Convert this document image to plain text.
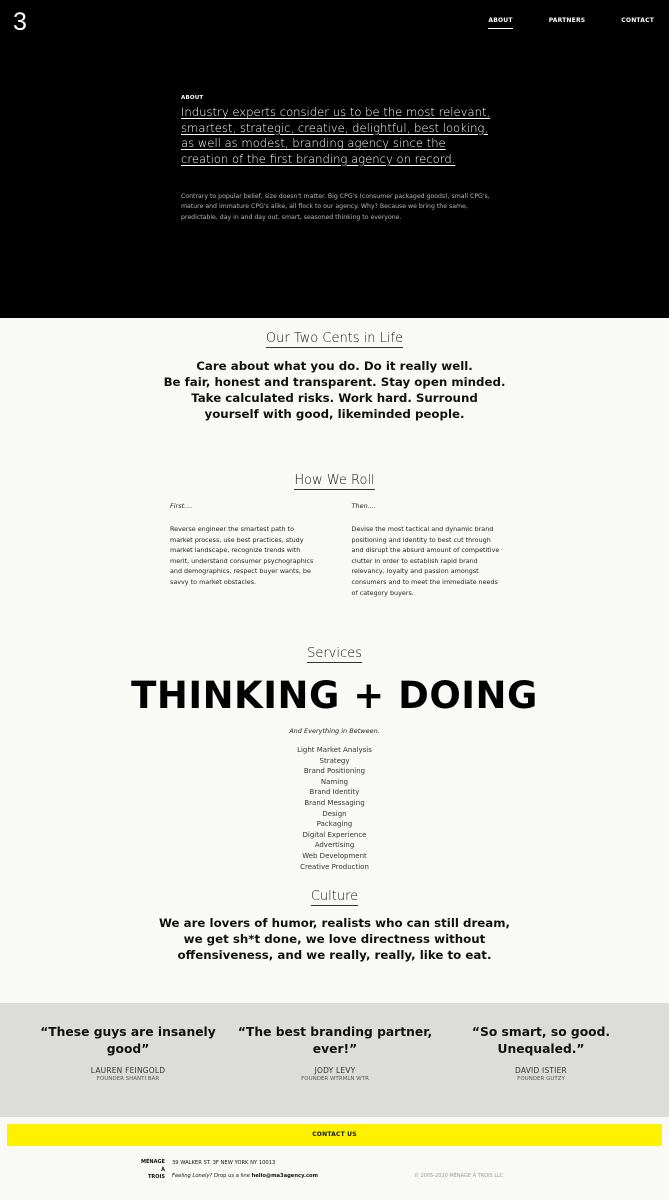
3	ABOUT	PARTNERS	CONTACT
ABOUT
Industry experts consider us to be the most relevant, smartest, strategic, creative, delightful, best looking, as well as modest, branding agency since the creation of the first branding agency on record.

Contrary to popular belief, size doesn't matter. Big CPG's (consumer packaged goods), small CPG's, mature and immature CPG's alike, all flock to our agency. Why? Because we bring the same, predictable, day in and day out, smart, seasoned thinking to everyone.

Our Two Cents in Life
Care about what you do. Do it really well.
Be fair, honest and transparent. Stay open minded.
Take calculated risks. Work hard. Surround
yourself with good, likeminded people.
How We Roll
First....

Reverse engineer the smartest path to market process, use best practices, study market landscape, recognize trends with merit, understand consumer psychographics and demographics, respect buyer wants, be savvy to market obstacles.

Then....

Devise the most tactical and dynamic brand positioning and identity to best cut through and disrupt the absurd amount of competitive clutter in order to establish rapid brand relevancy, loyalty and passion amongst consumers and to meet the immediate needs of category buyers.

Services
THINKING + DOING
And Everything in Between.
Light Market Analysis
Strategy
Brand Positioning
Naming
Brand Identity
Brand Messaging
Design
Packaging
Digital Experience
Advertising
Web Development
Creative Production
Culture
We are lovers of humor, realists who can still dream,
we get sh*t done, we love directness without
offensiveness, and we really, really, like to eat.
“These guys are insanely good”
LAUREN FEINGOLD
FOUNDER SHANTI BAR
“The best branding partner, ever!”
JODY LEVY
FOUNDER WTRMLN WTR
“So smart, so good. Unequaled.”
DAVID ISTIER
FOUNDER GUTZY
CONTACT US
MÉNAGE
À
TROIS
39 WALKER ST. 3F NEW YORK NY 10013
Feeling Lonely? Drop us a line hello@ma3agency.com	© 2005-2020 MÉNAGE À TROIS LLC
